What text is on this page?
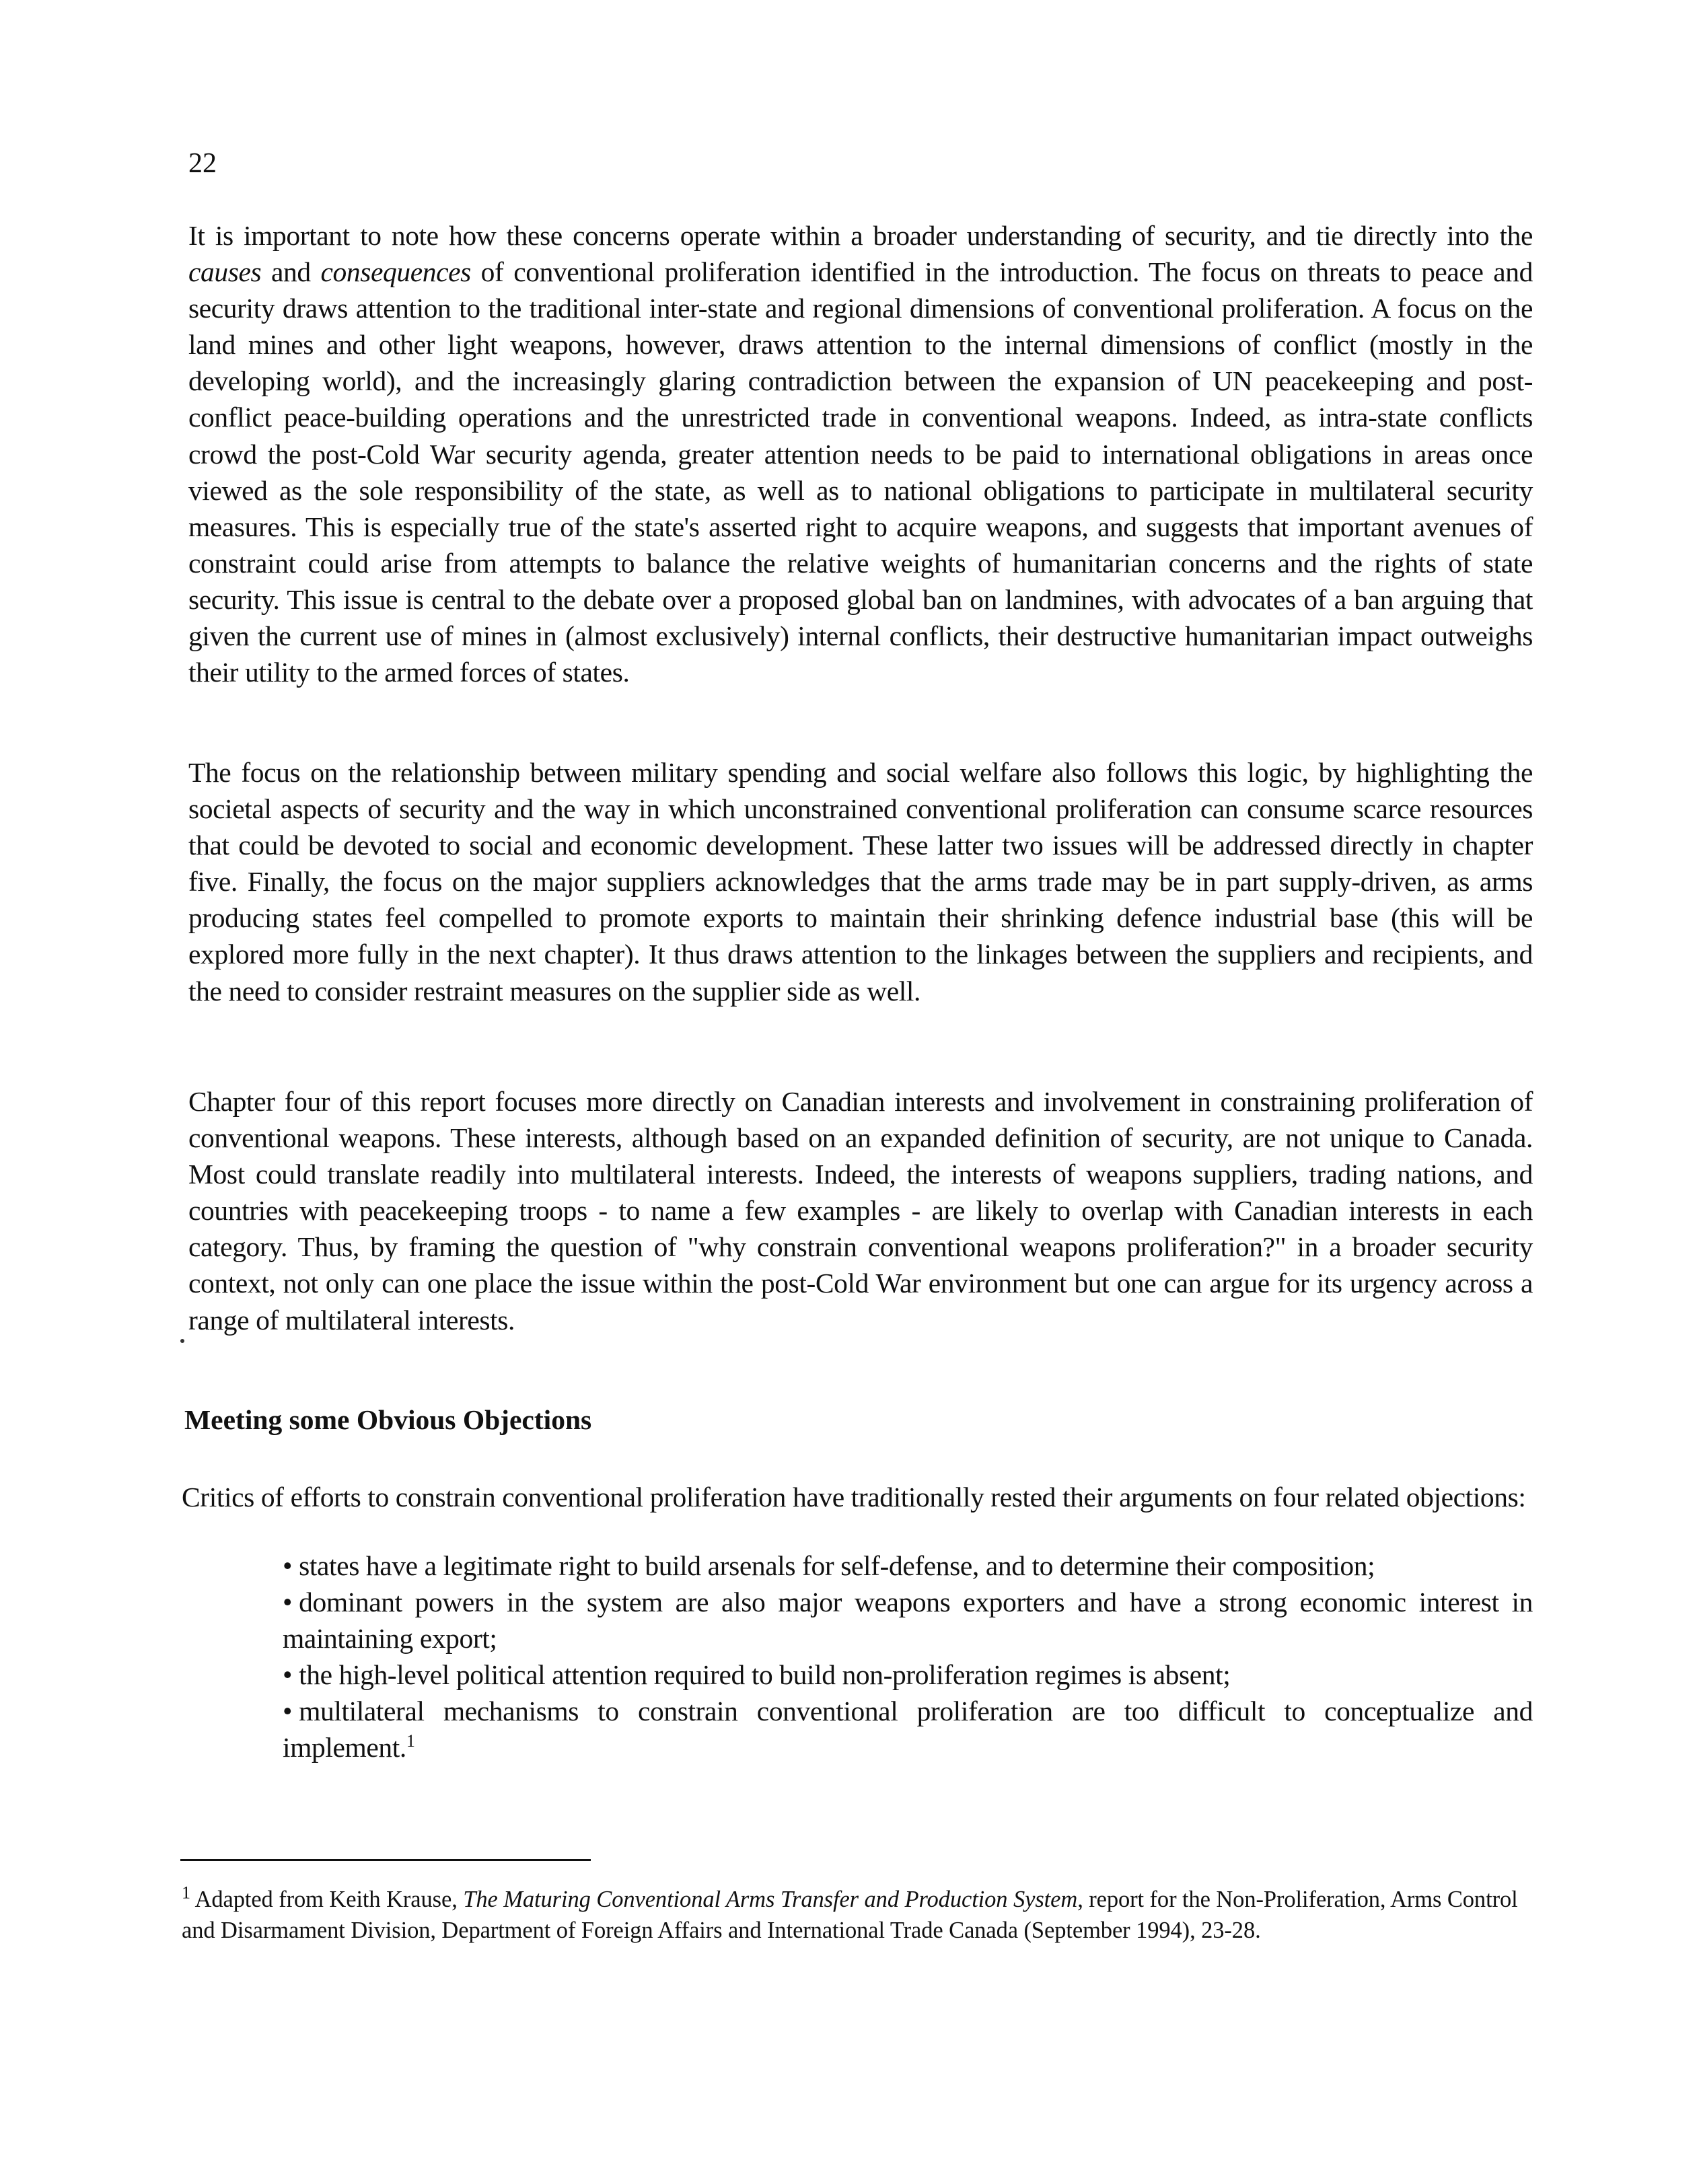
22

It is important to note how these concerns operate within a broader understanding of security, and tie directly into the causes and consequences of conventional proliferation identified in the introduction. The focus on threats to peace and security draws attention to the traditional inter-state and regional dimensions of conventional proliferation. A focus on the land mines and other light weapons, however, draws attention to the internal dimensions of conflict (mostly in the developing world), and the increasingly glaring contradiction between the expansion of UN peacekeeping and post-conflict peace-building operations and the unrestricted trade in conventional weapons. Indeed, as intra-state conflicts crowd the post-Cold War security agenda, greater attention needs to be paid to international obligations in areas once viewed as the sole responsibility of the state, as well as to national obligations to participate in multilateral security measures. This is especially true of the state's asserted right to acquire weapons, and suggests that important avenues of constraint could arise from attempts to balance the relative weights of humanitarian concerns and the rights of state security. This issue is central to the debate over a proposed global ban on landmines, with advocates of a ban arguing that given the current use of mines in (almost exclusively) internal conflicts, their destructive humanitarian impact outweighs their utility to the armed forces of states.

The focus on the relationship between military spending and social welfare also follows this logic, by highlighting the societal aspects of security and the way in which unconstrained conventional proliferation can consume scarce resources that could be devoted to social and economic development. These latter two issues will be addressed directly in chapter five. Finally, the focus on the major suppliers acknowledges that the arms trade may be in part supply-driven, as arms producing states feel compelled to promote exports to maintain their shrinking defence industrial base (this will be explored more fully in the next chapter). It thus draws attention to the linkages between the suppliers and recipients, and the need to consider restraint measures on the supplier side as well.

Chapter four of this report focuses more directly on Canadian interests and involvement in constraining proliferation of conventional weapons. These interests, although based on an expanded definition of security, are not unique to Canada. Most could translate readily into multilateral interests. Indeed, the interests of weapons suppliers, trading nations, and countries with peacekeeping troops - to name a few examples - are likely to overlap with Canadian interests in each category. Thus, by framing the question of "why constrain conventional weapons proliferation?" in a broader security context, not only can one place the issue within the post-Cold War environment but one can argue for its urgency across a range of multilateral interests.

Meeting some Obvious Objections

Critics of efforts to constrain conventional proliferation have traditionally rested their arguments on four related objections:

• states have a legitimate right to build arsenals for self-defense, and to determine their composition;
• dominant powers in the system are also major weapons exporters and have a strong economic interest in maintaining export;
• the high-level political attention required to build non-proliferation regimes is absent;
• multilateral mechanisms to constrain conventional proliferation are too difficult to conceptualize and implement.$^1$

$^1$ Adapted from Keith Krause, The Maturing Conventional Arms Transfer and Production System, report for the Non-Proliferation, Arms Control and Disarmament Division, Department of Foreign Affairs and International Trade Canada (September 1994), 23-28.
